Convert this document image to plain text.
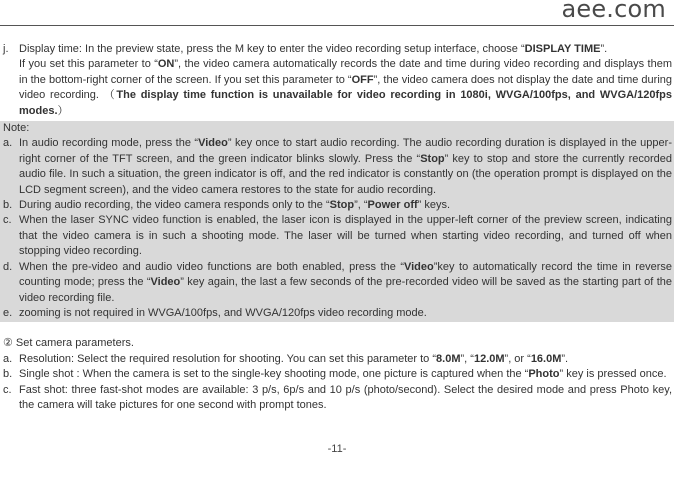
aee.com
j. Display time: In the preview state, press the M key to enter the video recording setup interface, choose “DISPLAY TIME”.
If you set this parameter to “ON”, the video camera automatically records the date and time during video recording and displays them in the bottom-right corner of the screen. If you set this parameter to “OFF”, the video camera does not display the date and time during video recording. （The display time function is unavailable for video recording in 1080i, WVGA/100fps, and WVGA/120fps modes.）
Note:
a. In audio recording mode, press the “Video” key once to start audio recording. The audio recording duration is displayed in the upper-right corner of the TFT screen, and the green indicator blinks slowly. Press the “Stop” key to stop and store the currently recorded audio file. In such a situation, the green indicator is off, and the red indicator is constantly on (the operation prompt is displayed on the LCD segment screen), and the video camera restores to the state for audio recording.
b. During audio recording, the video camera responds only to the “Stop”, “Power off” keys.
c. When the laser SYNC video function is enabled, the laser icon is displayed in the upper-left corner of the preview screen, indicating that the video camera is in such a shooting mode. The laser will be turned when starting video recording, and turned off when stopping video recording.
d. When the pre-video and audio video functions are both enabled, press the “Video”key to automatically record the time in reverse counting mode; press the “Video” key again, the last a few seconds of the pre-recorded video will be saved as the starting part of the video recording file.
e. zooming is not required in WVGA/100fps, and WVGA/120fps video recording mode.
② Set camera parameters.
a. Resolution: Select the required resolution for shooting. You can set this parameter to “8.0M”, “12.0M”, or “16.0M”.
b. Single shot : When the camera is set to the single-key shooting mode, one picture is captured when the “Photo” key is pressed once.
c. Fast shot: three fast-shot modes are available: 3 p/s, 6p/s and 10 p/s (photo/second). Select the desired mode and press Photo key, the camera will take pictures for one second with prompt tones.
-11-
